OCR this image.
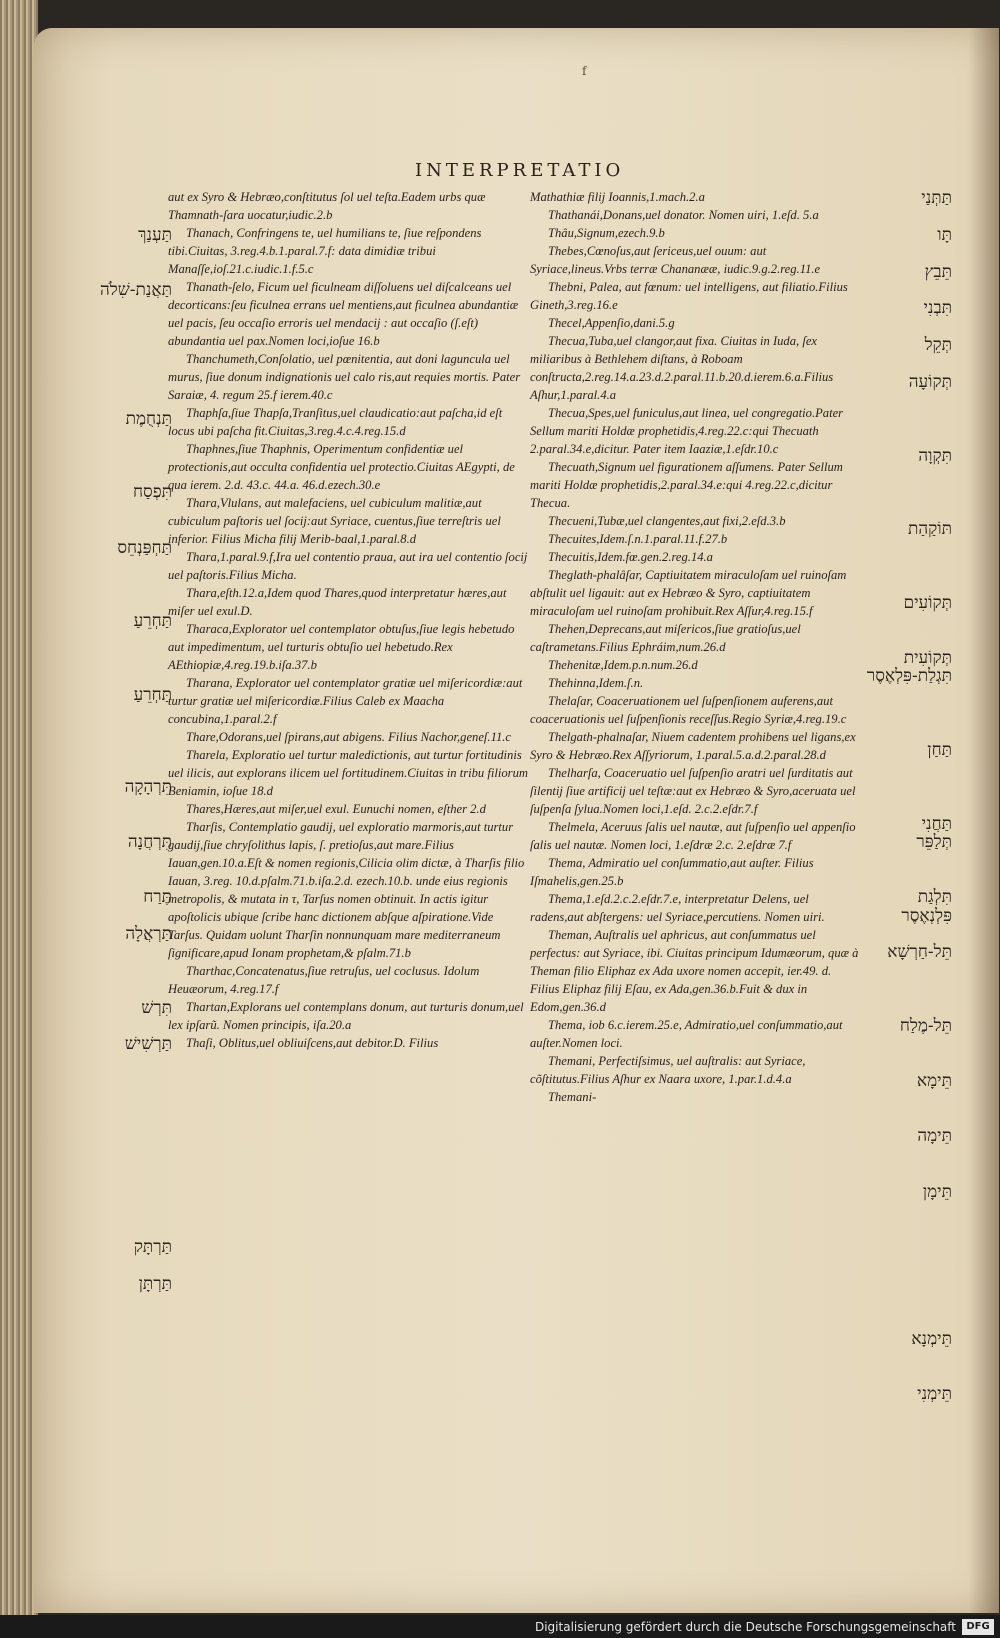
f
INTERPRETATIO

aut ex Syro & Hebræo,conſtitutus ſol uel teſta.Eadem urbs quæ Thamnath-ſara uocatur,iudic.2.b

Thanach, Confringens te, uel humilians te, ſiue reſpondens tibi.Ciuitas, 3.reg.4.b.1.paral.7.f: data dimidiæ tribui Manaſſe,ioſ.21.c.iudic.1.f.5.c

Thanath-ſelo, Ficum uel ficulneam diſſoluens uel diſcalceans uel decorticans:ſeu ficulnea errans uel mentiens,aut ficulnea abundantiæ uel pacis, ſeu occaſio erroris uel mendacij : aut occaſio (ſ.eſt) abundantia uel pax.Nomen loci,ioſue 16.b

Thanchumeth,Conſolatio, uel pœnitentia, aut doni laguncula uel murus, ſiue donum indignationis uel calo ris,aut requies mortis. Pater Saraiæ, 4. regum 25.f ierem.40.c

Thaphſa,ſiue Thapſa,Tranſitus,uel claudicatio:aut paſcha,id eſt locus ubi paſcha fit.Ciuitas,3.reg.4.c.4.reg.15.d

Thaphnes,ſiue Thaphnis, Operimentum confidentiæ uel protectionis,aut occulta confidentia uel protectio.Ciuitas AEgypti, de qua ierem. 2.d. 43.c. 44.a. 46.d.ezech.30.e

Thara,Vlulans, aut malefaciens, uel cubiculum malitiæ,aut cubiculum paſtoris uel ſocij:aut Syriace, cuentus,ſiue terreſtris uel inferior. Filius Micha filij Merib-baal,1.paral.8.d

Thara,1.paral.9.f,Ira uel contentio praua, aut ira uel contentio ſocij uel paſtoris.Filius Micha.

Thara,eſth.12.a,Idem quod Thares,quod interpretatur hæres,aut miſer uel exul.D.

Tharaca,Explorator uel contemplator obtuſus,ſiue legis hebetudo aut impedimentum, uel turturis obtuſio uel hebetudo.Rex AEthiopiæ,4.reg.19.b.iſa.37.b

Tharana, Explorator uel contemplator gratiæ uel miſericordiæ:aut turtur gratiæ uel miſericordiæ.Filius Caleb ex Maacha concubina,1.paral.2.f

Thare,Odorans,uel ſpirans,aut abigens. Filius Nachor,geneſ.11.c

Tharela, Exploratio uel turtur maledictionis, aut turtur fortitudinis uel ilicis, aut explorans ilicem uel fortitudinem.Ciuitas in tribu filiorum Beniamin, ioſue 18.d

Thares,Hæres,aut miſer,uel exul. Eunuchi nomen, eſther 2.d

Tharſis, Contemplatio gaudij, uel exploratio marmoris,aut turtur gaudij,ſiue chryſolithus lapis, ſ. pretioſus,aut mare.Filius Iauan,gen.10.a.Eſt & nomen regionis,Cilicia olim dictæ, à Tharſis filio Iauan, 3.reg. 10.d.pſalm.71.b.iſa.2.d. ezech.10.b. unde eius regionis metropolis, & mutata in τ, Tarſus nomen obtinuit. In actis igitur apoſtolicis ubique ſcribe hanc dictionem abſque aſpiratione.Vide Tarſus. Quidam uolunt Tharſin nonnunquam mare mediterraneum ſignificare,apud Ionam prophetam,& pſalm.71.b

Tharthac,Concatenatus,ſiue retruſus, uel coclusus. Idolum Heuæorum, 4.reg.17.f

Thartan,Explorans uel contemplans donum, aut turturis donum,uel lex ipſarũ. Nomen principis, iſa.20.a

Thaſi, Oblitus,uel obliuiſcens,aut debitor.D. Filius

Mathathiæ filij Ioannis,1.mach.2.a

Thathanái,Donans,uel donator. Nomen uiri, 1.eſd. 5.a

Thâu,Signum,ezech.9.b

Thebes,Cœnoſus,aut ſericeus,uel ouum: aut Syriace,lineus.Vrbs terræ Chananææ, iudic.9.g.2.reg.11.e

Thebni, Palea, aut fœnum: uel intelligens, aut filiatio.Filius Gineth,3.reg.16.e

Thecel,Appenſio,dani.5.g

Thecua,Tuba,uel clangor,aut fixa. Ciuitas in Iuda, ſex miliaribus à Bethlehem diſtans, à Roboam conſtructa,2.reg.14.a.23.d.2.paral.11.b.20.d.ierem.6.a.Filius Aſhur,1.paral.4.a

Thecua,Spes,uel funiculus,aut linea, uel congregatio.Pater Sellum mariti Holdæ prophetidis,4.reg.22.c:qui Thecuath 2.paral.34.e,dicitur. Pater item Iaaziæ,1.eſdr.10.c

Thecuath,Signum uel figurationem aſſumens. Pater Sellum mariti Holdæ prophetidis,2.paral.34.e:qui 4.reg.22.c,dicitur Thecua.

Thecueni,Tubæ,uel clangentes,aut fixi,2.eſd.3.b

Thecuites,Idem.ſ.n.1.paral.11.f.27.b

Thecuitis,Idem.fœ.gen.2.reg.14.a

Theglath-phalâſar, Captiuitatem miraculoſam uel ruinoſam abſtulit uel ligauit: aut ex Hebræo & Syro, captiuitatem miraculoſam uel ruinoſam prohibuit.Rex Aſſur,4.reg.15.f

Thehen,Deprecans,aut miſericos,ſiue gratioſus,uel caſtrametans.Filius Ephráim,num.26.d

Thehenitæ,Idem.p.n.num.26.d

Thehinna,Idem.ſ.n.

Thelaſar, Coaceruationem uel ſuſpenſionem auferens,aut coaceruationis uel ſuſpenſionis receſſus.Regio Syriæ,4.reg.19.c

Thelgath-phalnaſar, Niuem cadentem prohibens uel ligans,ex Syro & Hebræo.Rex Aſſyriorum, 1.paral.5.a.d.2.paral.28.d

Thelharſa, Coaceruatio uel ſuſpenſio aratri uel ſurditatis aut ſilentij ſiue artificij uel teſtæ:aut ex Hebræo & Syro,aceruata uel ſuſpenſa ſylua.Nomen loci,1.eſd. 2.c.2.eſdr.7.f

Thelmela, Aceruus ſalis uel nautæ, aut ſuſpenſio uel appenſio ſalis uel nautæ. Nomen loci, 1.eſdræ 2.c. 2.eſdræ 7.f

Thema, Admiratio uel conſummatio,aut auſter. Filius Iſmahelis,gen.25.b

Thema,1.eſd.2.c.2.eſdr.7.e, interpretatur Delens, uel radens,aut abſtergens: uel Syriace,percutiens. Nomen uiri.

Theman, Auſtralis uel aphricus, aut conſummatus uel perfectus: aut Syriace, ibi. Ciuitas principum Idumæorum, quæ à Theman filio Eliphaz ex Ada uxore nomen accepit, ier.49. d. Filius Eliphaz filij Eſau, ex Ada,gen.36.b.Fuit & dux in Edom,gen.36.d

Thema, iob 6.c.ierem.25.e, Admiratio,uel conſummatio,aut auſter.Nomen loci.

Themani, Perfectiſsimus, uel auſtralis: aut Syriace, cõſtitutus.Filius Aſhur ex Naara uxore, 1.par.1.d.4.a

Themani-

תַּעְנַךְ
תַּאֲנַת-שִׁלֹה
תַּנְחֻמֶת
תִּפְסַח
תַּחְפַּנְחֵס
תַּחְרֵעַ
תַּחְרֵעַ
תִּרְהָקָה
תִּרְחֲנָה
תֶּרַח
תַּרְאֲלָה
תִּרְשׁ
תַּרְשִׁישׁ
תַּרְתָּק
תַּרְתָּן
תַּתְּנַי
תָּו
תֵּבֵץ
תִּבְנִי
תְּקֵל
תְּקוֹעָה
תִּקְוָה
תּוֹקַהַת
תְּקוֹעִים
תְּקוֹעִית
תִּגְלַת-פִּלְאֶסֶר
תַּחַן
תַּחֲנִי
תְּלַפֵּר
תִּלְגַת
פִּלְנְאֶסֶר
תֵּל-חַרְשָׁא
תֵּל-מֶלַח
תֵּימָא
תֵּימָה
תֵּימָן
תֵּימְנָא
תֵּימְנִי
Digitalisierung gefördert durch die Deutsche Forschungsgemeinschaft	DFG
